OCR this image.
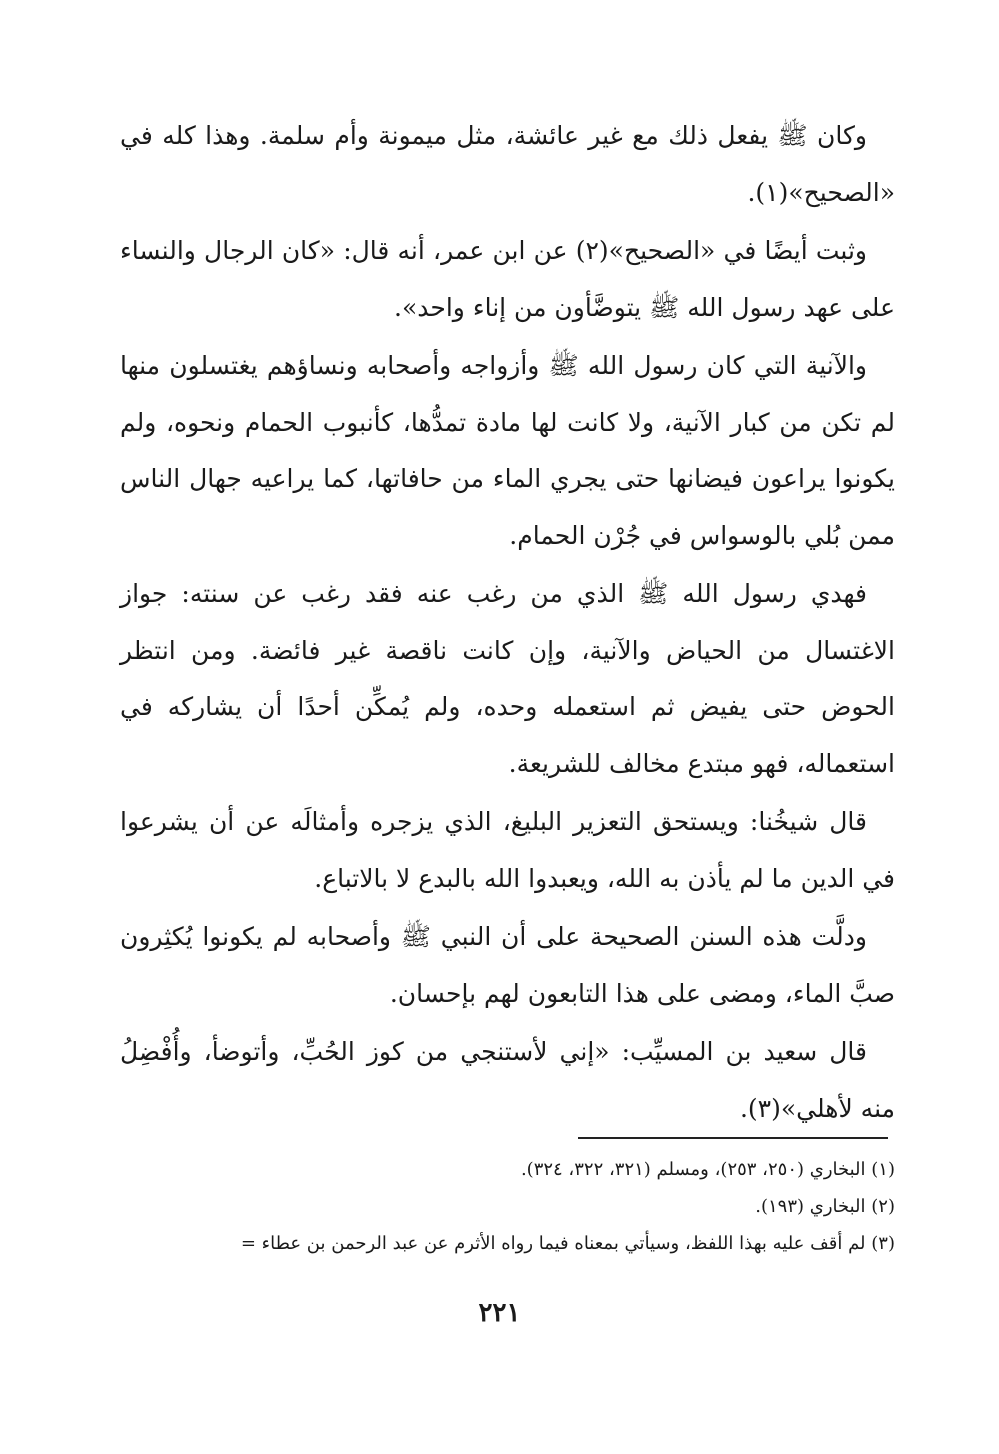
وكان ﷺ يفعل ذلك مع غير عائشة، مثل ميمونة وأم سلمة. وهذا كله في «الصحيح»(١).

وثبت أيضًا في «الصحيح»(٢) عن ابن عمر، أنه قال: «كان الرجال والنساء على عهد رسول الله ﷺ يتوضَّأون من إناء واحد».

والآنية التي كان رسول الله ﷺ وأزواجه وأصحابه ونساؤهم يغتسلون منها لم تكن من كبار الآنية، ولا كانت لها مادة تمدُّها، كأنبوب الحمام ونحوه، ولم يكونوا يراعون فيضانها حتى يجري الماء من حافاتها، كما يراعيه جهال الناس ممن بُلي بالوسواس في جُرْن الحمام.

فهدي رسول الله ﷺ الذي من رغب عنه فقد رغب عن سنته: جواز الاغتسال من الحياض والآنية، وإن كانت ناقصة غير فائضة. ومن انتظر الحوض حتى يفيض ثم استعمله وحده، ولم يُمكِّن أحدًا أن يشاركه في استعماله، فهو مبتدع مخالف للشريعة.

قال شيخُنا: ويستحق التعزير البليغ، الذي يزجره وأمثالَه عن أن يشرعوا في الدين ما لم يأذن به الله، ويعبدوا الله بالبدع لا بالاتباع.

ودلَّت هذه السنن الصحيحة على أن النبي ﷺ وأصحابه لم يكونوا يُكثِرون صبَّ الماء، ومضى على هذا التابعون لهم بإحسان.

قال سعيد بن المسيِّب: «إني لأستنجي من كوز الحُبِّ، وأتوضأ، وأُفْضِلُ منه لأهلي»(٣).

(١) البخاري (٢٥٠، ٢٥٣)، ومسلم (٣٢١، ٣٢٢، ٣٢٤).

(٢) البخاري (١٩٣).

(٣) لم أقف عليه بهذا اللفظ، وسيأتي بمعناه فيما رواه الأثرم عن عبد الرحمن بن عطاء =

٢٢١
